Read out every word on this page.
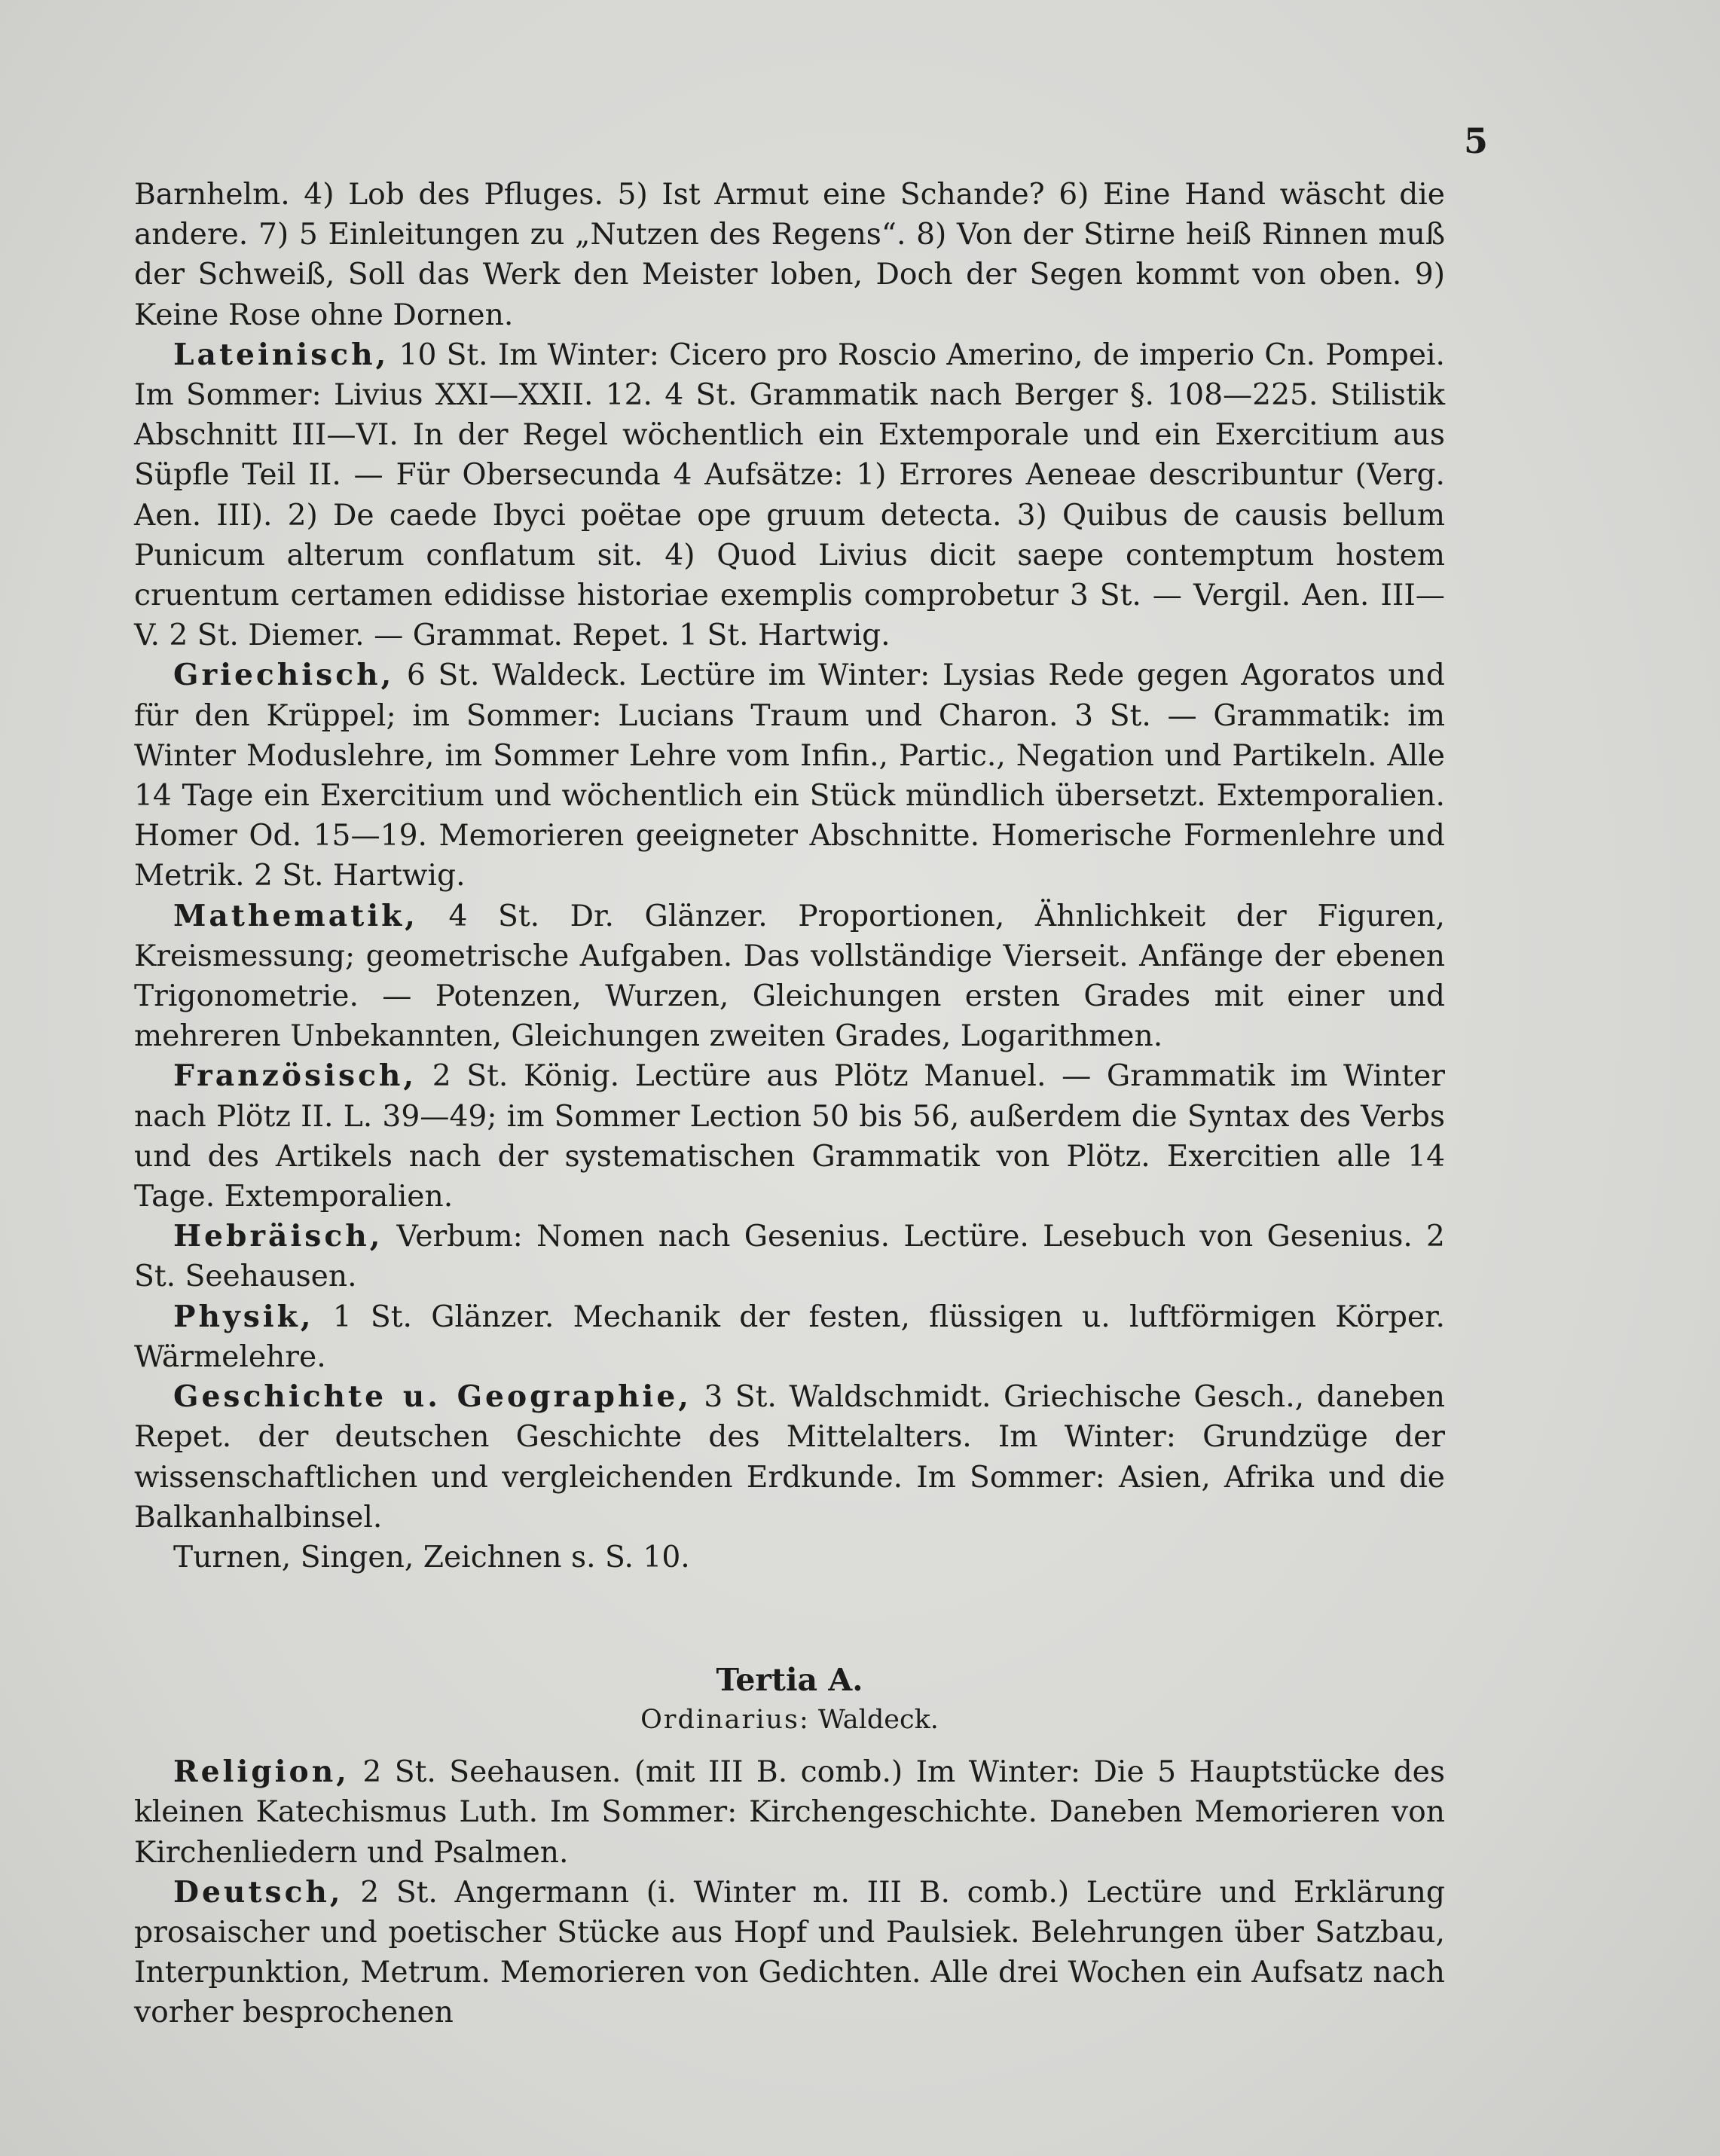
5

Barnhelm. 4) Lob des Pfluges. 5) Ist Armut eine Schande? 6) Eine Hand wäscht die andere. 7) 5 Einleitungen zu „Nutzen des Regens“. 8) Von der Stirne heiß Rinnen muß der Schweiß, Soll das Werk den Meister loben, Doch der Segen kommt von oben. 9) Keine Rose ohne Dornen.

Lateinisch, 10 St. Im Winter: Cicero pro Roscio Amerino, de imperio Cn. Pompei. Im Sommer: Livius XXI—XXII. 12. 4 St. Grammatik nach Berger §. 108—225. Stilistik Abschnitt III—VI. In der Regel wöchentlich ein Extemporale und ein Exercitium aus Süpfle Teil II. — Für Obersecunda 4 Aufsätze: 1) Errores Aeneae describuntur (Verg. Aen. III). 2) De caede Ibyci poëtae ope gruum detecta. 3) Quibus de causis bellum Punicum alterum conflatum sit. 4) Quod Livius dicit saepe contemptum hostem cruentum certamen edidisse historiae exemplis comprobetur 3 St. — Vergil. Aen. III—V. 2 St. Diemer. — Grammat. Repet. 1 St. Hartwig.

Griechisch, 6 St. Waldeck. Lectüre im Winter: Lysias Rede gegen Agoratos und für den Krüppel; im Sommer: Lucians Traum und Charon. 3 St. — Grammatik: im Winter Moduslehre, im Sommer Lehre vom Infin., Partic., Negation und Partikeln. Alle 14 Tage ein Exercitium und wöchentlich ein Stück mündlich übersetzt. Extemporalien. Homer Od. 15—19. Memorieren geeigneter Abschnitte. Homerische Formenlehre und Metrik. 2 St. Hartwig.

Mathematik, 4 St. Dr. Glänzer. Proportionen, Ähnlichkeit der Figuren, Kreismessung; geometrische Aufgaben. Das vollständige Vierseit. Anfänge der ebenen Trigonometrie. — Potenzen, Wurzen, Gleichungen ersten Grades mit einer und mehreren Unbekannten, Gleichungen zweiten Grades, Logarithmen.

Französisch, 2 St. König. Lectüre aus Plötz Manuel. — Grammatik im Winter nach Plötz II. L. 39—49; im Sommer Lection 50 bis 56, außerdem die Syntax des Verbs und des Artikels nach der systematischen Grammatik von Plötz. Exercitien alle 14 Tage. Extemporalien.

Hebräisch, Verbum: Nomen nach Gesenius. Lectüre. Lesebuch von Gesenius. 2 St. Seehausen.

Physik, 1 St. Glänzer. Mechanik der festen, flüssigen u. luftförmigen Körper. Wärmelehre.

Geschichte u. Geographie, 3 St. Waldschmidt. Griechische Gesch., daneben Repet. der deutschen Geschichte des Mittelalters. Im Winter: Grundzüge der wissenschaftlichen und vergleichenden Erdkunde. Im Sommer: Asien, Afrika und die Balkanhalbinsel.

Turnen, Singen, Zeichnen s. S. 10.

Tertia A.
Ordinarius: Waldeck.

Religion, 2 St. Seehausen. (mit III B. comb.) Im Winter: Die 5 Hauptstücke des kleinen Katechismus Luth. Im Sommer: Kirchengeschichte. Daneben Memorieren von Kirchenliedern und Psalmen.

Deutsch, 2 St. Angermann (i. Winter m. III B. comb.) Lectüre und Erklärung prosaischer und poetischer Stücke aus Hopf und Paulsiek. Belehrungen über Satzbau, Interpunktion, Metrum. Memorieren von Gedichten. Alle drei Wochen ein Aufsatz nach vorher besprochenen
